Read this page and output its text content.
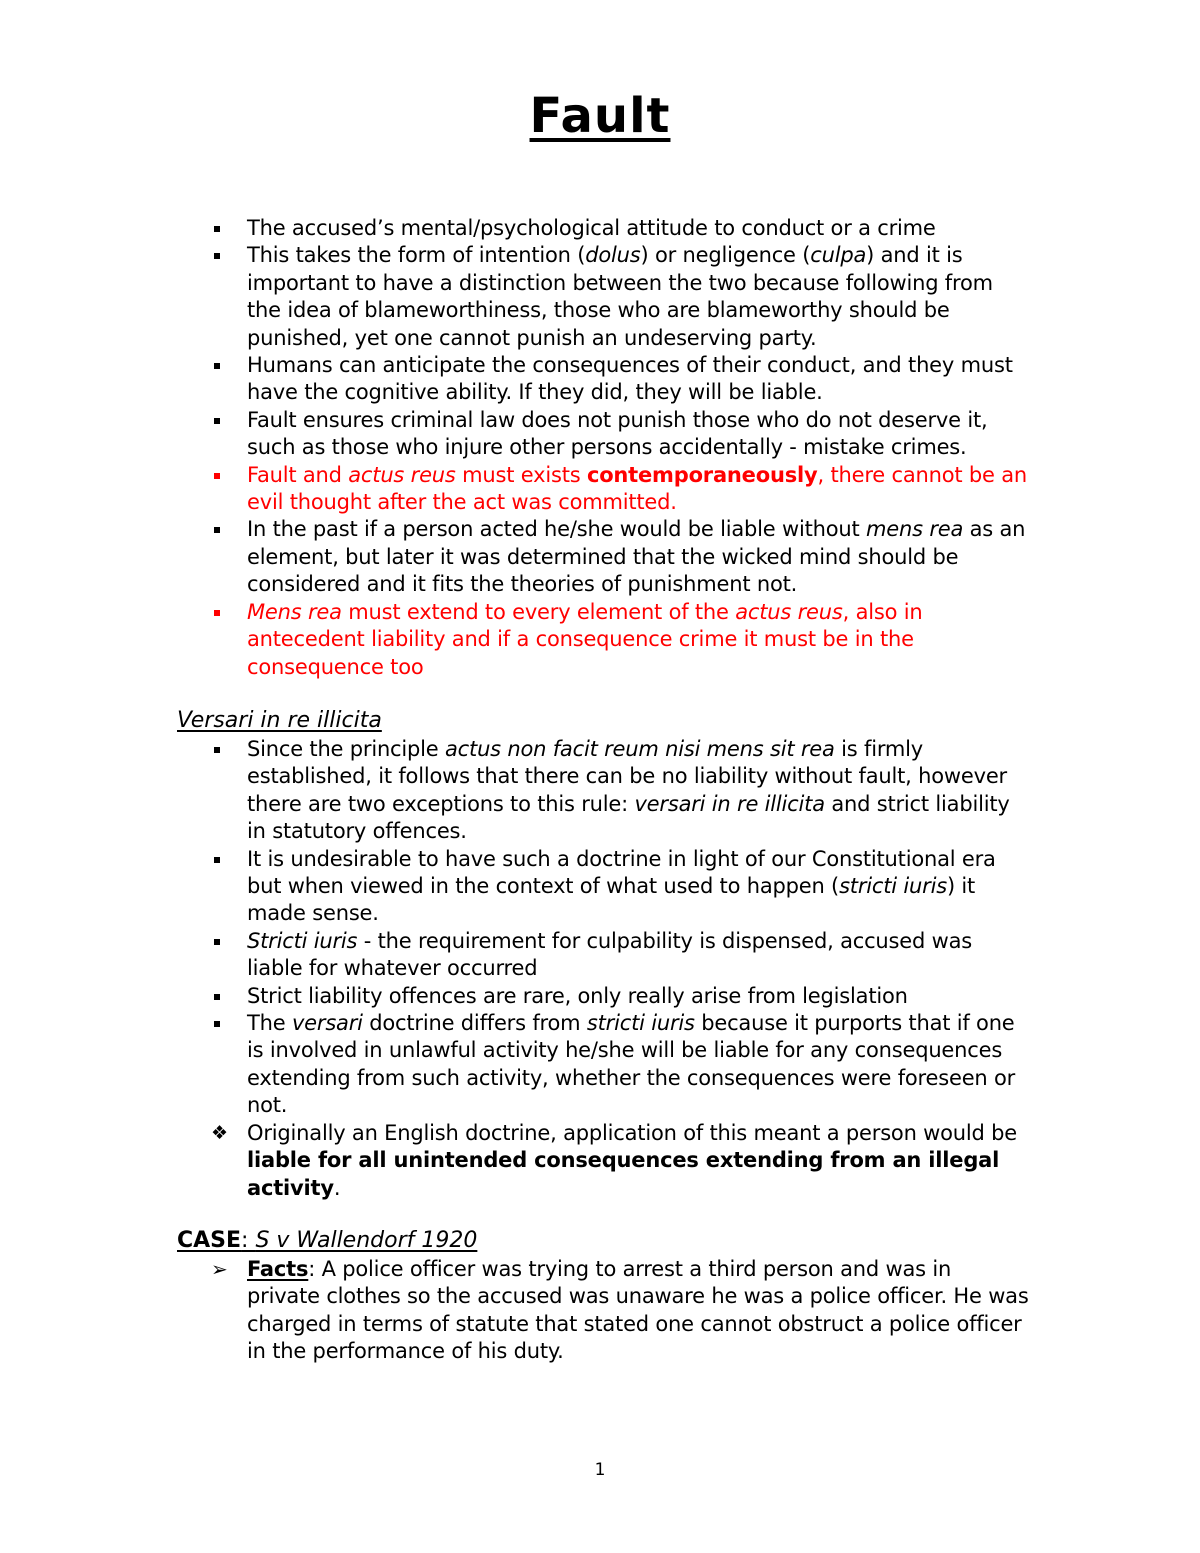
Fault
The accused’s mental/psychological attitude to conduct or a crime
This takes the form of intention (dolus) or negligence (culpa) and it is important to have a distinction between the two because following from the idea of blameworthiness, those who are blameworthy should be punished, yet one cannot punish an undeserving party.
Humans can anticipate the consequences of their conduct, and they must have the cognitive ability. If they did, they will be liable.
Fault ensures criminal law does not punish those who do not deserve it, such as those who injure other persons accidentally - mistake crimes.
Fault and actus reus must exists contemporaneously, there cannot be an evil thought after the act was committed.
In the past if a person acted he/she would be liable without mens rea as an element, but later it was determined that the wicked mind should be considered and it fits the theories of punishment not.
Mens rea must extend to every element of the actus reus, also in antecedent liability and if a consequence crime it must be in the consequence too
Versari in re illicita
Since the principle actus non facit reum nisi mens sit rea is firmly established, it follows that there can be no liability without fault, however there are two exceptions to this rule: versari in re illicita and strict liability in statutory offences.
It is undesirable to have such a doctrine in light of our Constitutional era but when viewed in the context of what used to happen (stricti iuris) it made sense.
Stricti iuris - the requirement for culpability is dispensed, accused was liable for whatever occurred
Strict liability offences are rare, only really arise from legislation
The versari doctrine differs from stricti iuris because it purports that if one is involved in unlawful activity he/she will be liable for any consequences extending from such activity, whether the consequences were foreseen or not.
❖ Originally an English doctrine, application of this meant a person would be liable for all unintended consequences extending from an illegal activity.
CASE: S v Wallendorf 1920
➢ Facts: A police officer was trying to arrest a third person and was in private clothes so the accused was unaware he was a police officer. He was charged in terms of statute that stated one cannot obstruct a police officer in the performance of his duty.
1
